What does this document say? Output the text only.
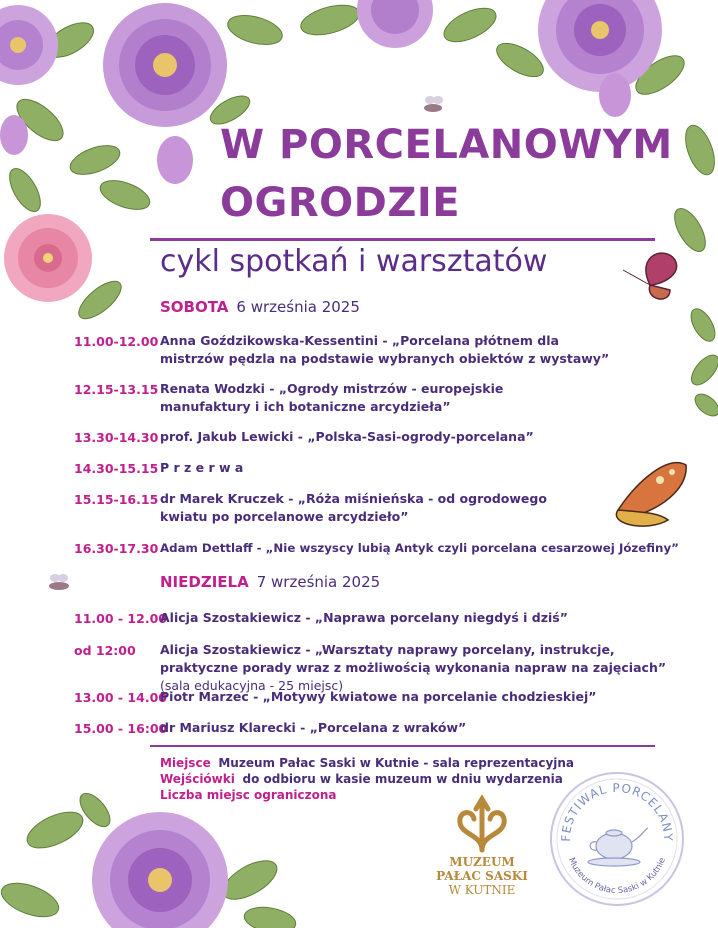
W PORCELANOWYM
OGRODZIE
cykl spotkań i warsztatów
SOBOTA 6 września 2025
11.00-12.00 Anna Goździkowska-Kessentini - „Porcelana płótnem dla mistrzów pędzla na podstawie wybranych obiektów z wystawy”
12.15-13.15 Renata Wodzki - „Ogrody mistrzów - europejskie manufaktury i ich botaniczne arcydzieła”
13.30-14.30 prof. Jakub Lewicki - „Polska-Sasi-ogrody-porcelana”
14.30-15.15 P r z e r w a
15.15-16.15 dr Marek Kruczek - „Róża miśnieńska - od ogrodowego kwiatu po porcelanowe arcydzieło”
16.30-17.30 Adam Dettlaff - „Nie wszyscy lubią Antyk czyli porcelana cesarzowej Józefiny”
NIEDZIELA 7 września 2025
11.00 - 12.00
Alicja Szostakiewicz - „Naprawa porcelany niegdyś i dziś”
od 12:00 Alicja Szostakiewicz - „Warsztaty naprawy porcelany, instrukcje, praktyczne porady wraz z możliwością wykonania napraw na zajęciach” (sala edukacyjna - 25 miejsc)
13.00 - 14.00
Piotr Marzec - „Motywy kwiatowe na porcelanie chodzieskiej”
15.00 - 16:00
dr Mariusz Klarecki - „Porcelana z wraków”
Miejsce Muzeum Pałac Saski w Kutnie - sala reprezentacyjna
Wejściówki do odbioru w kasie muzeum w dniu wydarzenia
Liczba miejsc ograniczona
MUZEUM
PAŁAC SASKI
W KUTNIE
FESTIWAL PORCELANY
Muzeum Pałac Saski w Kutnie
